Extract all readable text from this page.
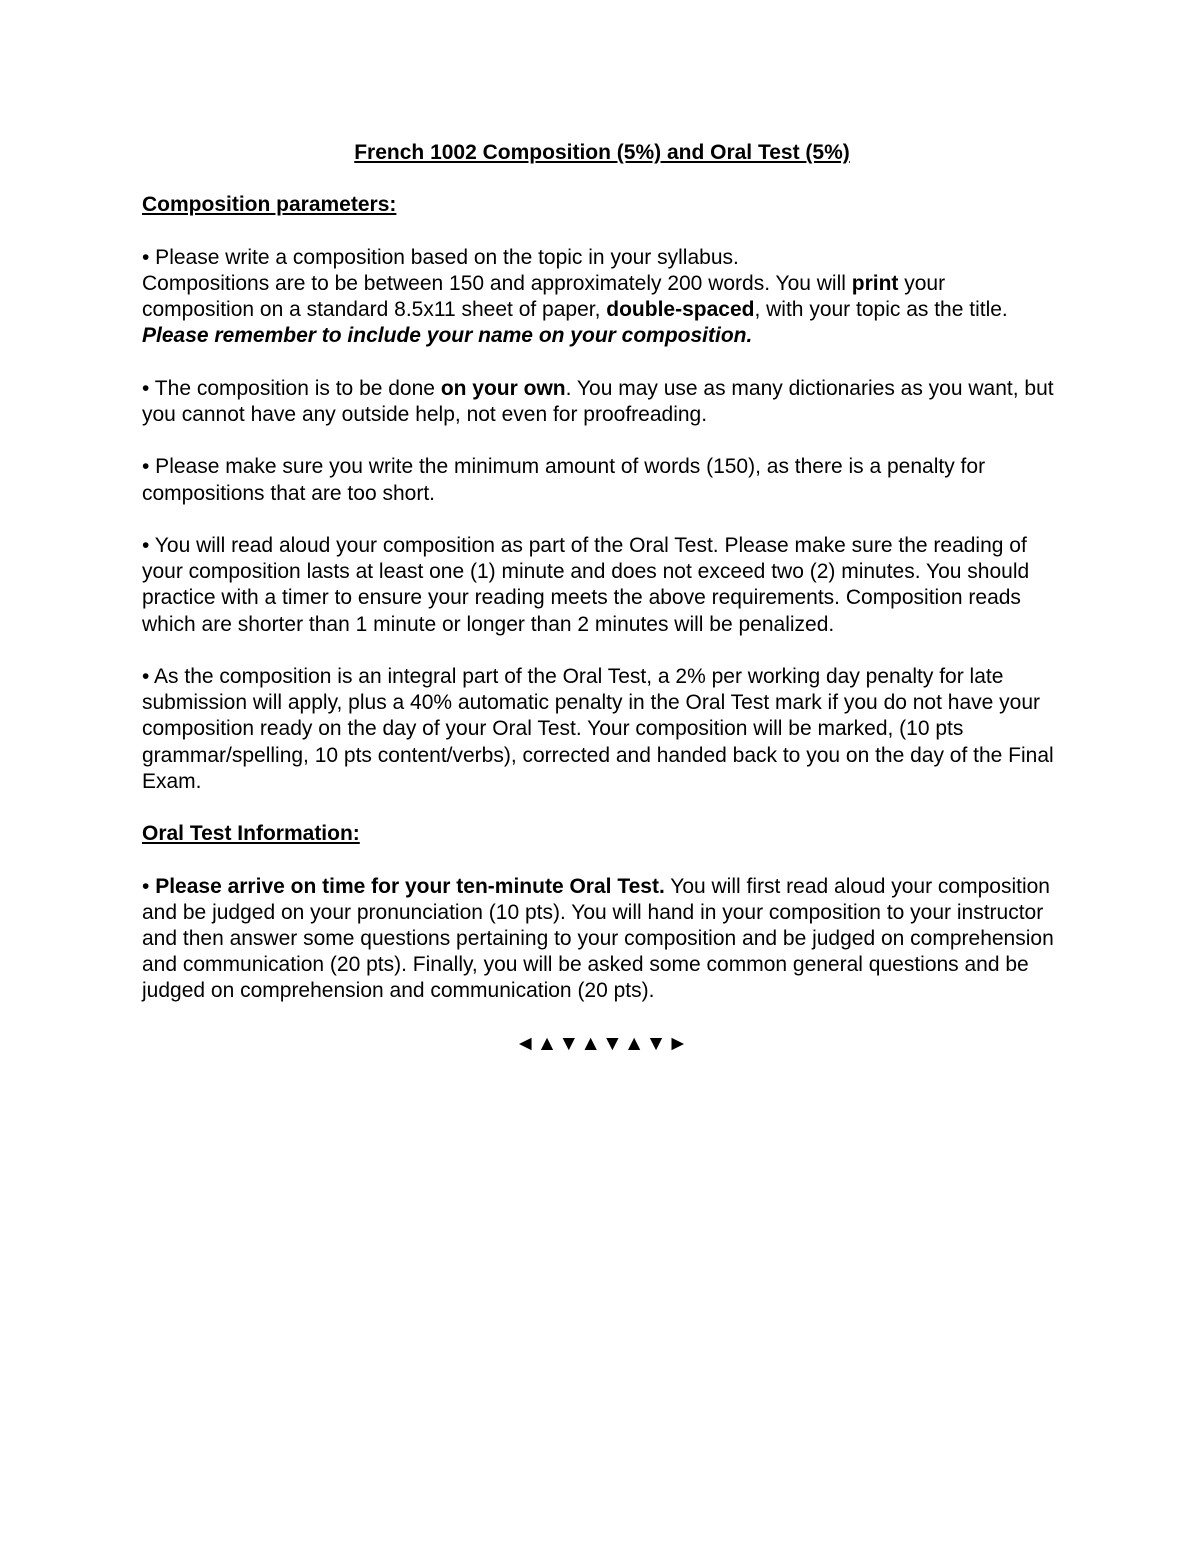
French 1002 Composition (5%) and Oral Test (5%)

Composition parameters:

• Please write a composition based on the topic in your syllabus.
Compositions are to be between 150 and approximately 200 words. You will print your composition on a standard 8.5x11 sheet of paper, double-spaced, with your topic as the title. Please remember to include your name on your composition.

• The composition is to be done on your own. You may use as many dictionaries as you want, but you cannot have any outside help, not even for proofreading.

• Please make sure you write the minimum amount of words (150), as there is a penalty for compositions that are too short.

• You will read aloud your composition as part of the Oral Test. Please make sure the reading of your composition lasts at least one (1) minute and does not exceed two (2) minutes. You should practice with a timer to ensure your reading meets the above requirements. Composition reads which are shorter than 1 minute or longer than 2 minutes will be penalized.

• As the composition is an integral part of the Oral Test, a 2% per working day penalty for late submission will apply, plus a 40% automatic penalty in the Oral Test mark if you do not have your composition ready on the day of your Oral Test. Your composition will be marked, (10 pts grammar/spelling, 10 pts content/verbs), corrected and handed back to you on the day of the Final Exam.

Oral Test Information:

• Please arrive on time for your ten-minute Oral Test. You will first read aloud your composition and be judged on your pronunciation (10 pts). You will hand in your composition to your instructor and then answer some questions pertaining to your composition and be judged on comprehension and communication (20 pts). Finally, you will be asked some common general questions and be judged on comprehension and communication (20 pts).

◄▲▼▲▼▲▼►
